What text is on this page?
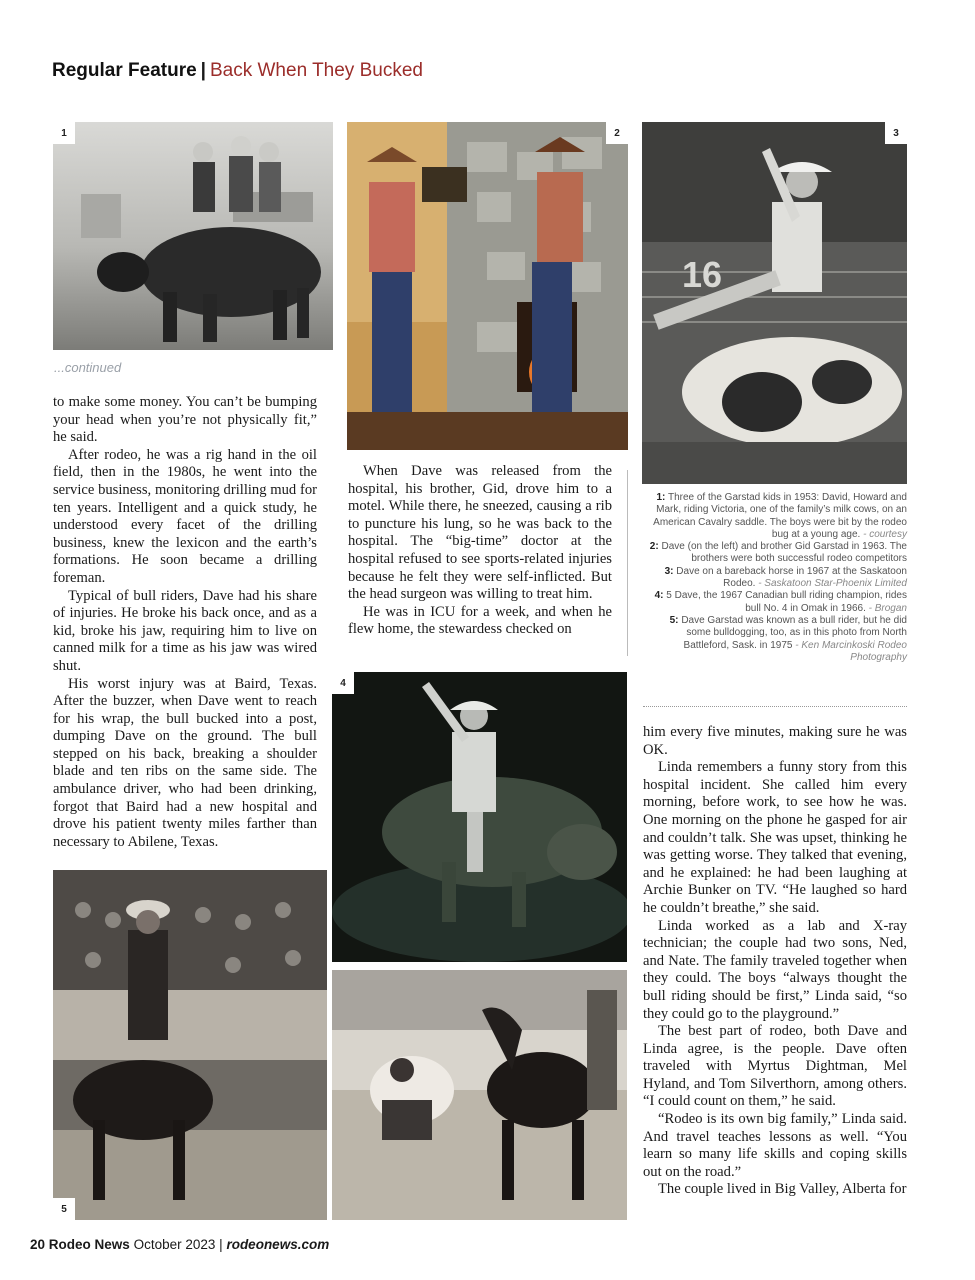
Regular Feature | Back When They Bucked
1	2
16
3
4
5
...continued

to make some money. You can’t be bumping your head when you’re not physically fit,” he said.

After rodeo, he was a rig hand in the oil field, then in the 1980s, he went into the service business, monitoring drilling mud for ten years. Intelligent and a quick study, he understood every facet of the drilling business, knew the lexicon and the earth’s formations. He soon became a drilling foreman.

Typical of bull riders, Dave had his share of injuries. He broke his back once, and as a kid, broke his jaw, requiring him to live on canned milk for a time as his jaw was wired shut.

His worst injury was at Baird, Texas. After the buzzer, when Dave went to reach for his wrap, the bull bucked into a post, dumping Dave on the ground. The bull stepped on his back, breaking a shoulder blade and ten ribs on the same side. The ambulance driver, who had been drinking, forgot that Baird had a new hospital and drove his patient twenty miles farther than necessary to Abilene, Texas.

When Dave was released from the hospital, his brother, Gid, drove him to a motel. While there, he sneezed, causing a rib to puncture his lung, so he was back to the hospital. The “big-time” doctor at the hospital refused to see sports-related injuries because he felt they were self-inflicted. But the head surgeon was willing to treat him.

He was in ICU for a week, and when he flew home, the stewardess checked on

1: Three of the Garstad kids in 1953: David, Howard and Mark, riding Victoria, one of the family’s milk cows, on an American Cavalry saddle. The boys were bit by the rodeo bug at a young age. - courtesy
2: Dave (on the left) and brother Gid Garstad in 1963. The brothers were both successful rodeo competitors
3: Dave on a bareback horse in 1967 at the Saskatoon Rodeo. - Saskatoon Star-Phoenix Limited
4: 5 Dave, the 1967 Canadian bull riding champion, rides bull No. 4 in Omak in 1966. - Brogan
5: Dave Garstad was known as a bull rider, but he did some bulldogging, too, as in this photo from North Battleford, Sask. in 1975 - Ken Marcinkoski Rodeo Photography

him every five minutes, making sure he was OK.

Linda remembers a funny story from this hospital incident. She called him every morning, before work, to see how he was. One morning on the phone he gasped for air and couldn’t talk. She was upset, thinking he was getting worse. They talked that evening, and he explained: he had been laughing at Archie Bunker on TV. “He laughed so hard he couldn’t breathe,” she said.

Linda worked as a lab and X-ray technician; the couple had two sons, Ned, and Nate. The family traveled together when they could. The boys “always thought the bull riding should be first,” Linda said, “so they could go to the playground.”

The best part of rodeo, both Dave and Linda agree, is the people. Dave often traveled with Myrtus Dightman, Mel Hyland, and Tom Silverthorn, among others. “I could count on them,” he said.

“Rodeo is its own big family,” Linda said. And travel teaches lessons as well. “You learn so many life skills and coping skills out on the road.”

The couple lived in Big Valley, Alberta for

20 Rodeo News October 2023 | rodeonews.com
